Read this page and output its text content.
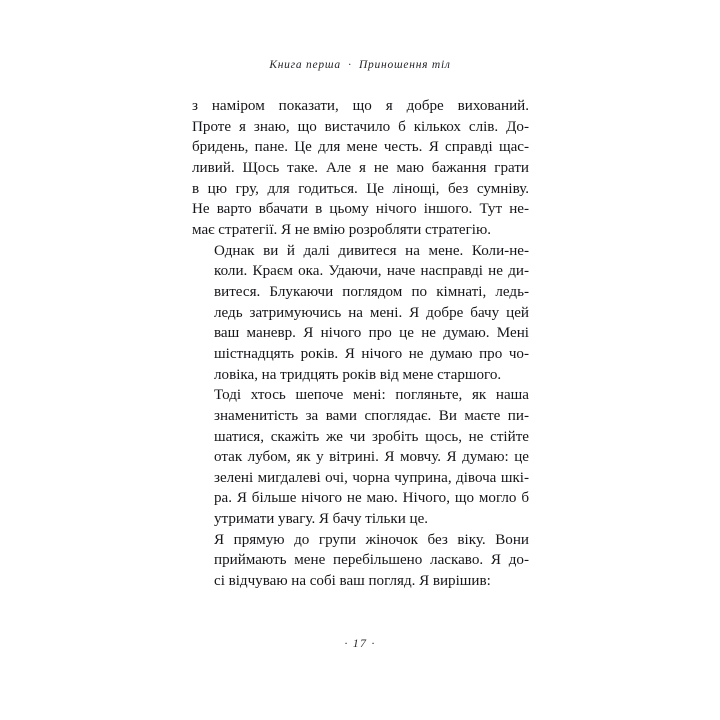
Книга перша  ·  Приношення тіл

з наміром показати, що я добре вихований.
Проте я знаю, що вистачило б кількох слів. До-
бридень, пане. Це для мене честь. Я справді щас-
ливий. Щось таке. Але я не маю бажання грати
в цю гру, для годиться. Це лінощі, без сумніву.
Не варто вбачати в цьому нічого іншого. Тут не-
має стратегії. Я не вмію розробляти стратегію.

Однак ви й далі дивитеся на мене. Коли-не-
коли. Краєм ока. Удаючи, наче насправді не ди-
витеся. Блукаючи поглядом по кімнаті, ледь-
ледь затримуючись на мені. Я добре бачу цей
ваш маневр. Я нічого про це не думаю. Мені
шістнадцять років. Я нічого не думаю про чо-
ловіка, на тридцять років від мене старшого.

Тоді хтось шепоче мені: погляньте, як наша
знаменитість за вами споглядає. Ви маєте пи-
шатися, скажіть же чи зробіть щось, не стійте
отак лубом, як у вітрині. Я мовчу. Я думаю: це
зелені мигдалеві очі, чорна чуприна, дівоча шкі-
ра. Я більше нічого не маю. Нічого, що могло б
утримати увагу. Я бачу тільки це.

Я прямую до групи жіночок без віку. Вони
приймають мене перебільшено ласкаво. Я до-
сі відчуваю на собі ваш погляд. Я вирішив:

· 17 ·
